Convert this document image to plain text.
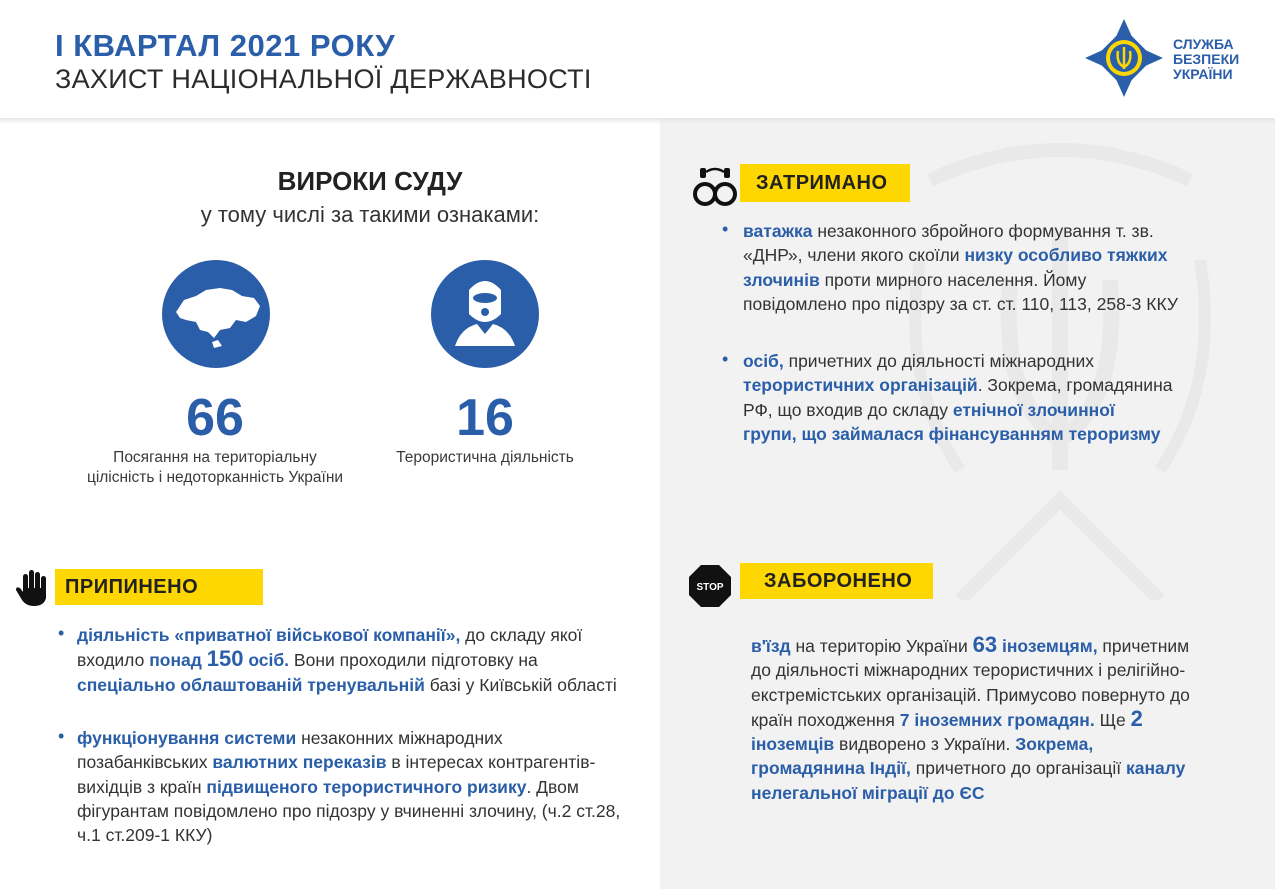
І КВАРТАЛ 2021 РОКУ
ЗАХИСТ НАЦІОНАЛЬНОЇ ДЕРЖАВНОСТІ
СЛУЖБА
БЕЗПЕКИ
УКРАЇНИ
ВИРОКИ СУДУ
у тому числі за такими ознаками:
66	16
Посягання на територіальну цілісність і недоторканність України
Терористична діяльність
ПРИПИНЕНО
• діяльність «приватної військової компанії», до складу якої входило понад 150 осіб. Вони проходили підготовку на спеціально облаштованій тренувальній базі у Київській області
• функціонування системи незаконних міжнародних позабанківських валютних переказів в інтересах контрагентів-вихідців з країн підвищеного терористичного ризику. Двом фігурантам повідомлено про підозру у вчиненні злочину, (ч.2 ст.28, ч.1 ст.209-1 ККУ)
ЗАТРИМАНО
• ватажка незаконного збройного формування т. зв. «ДНР», члени якого скоїли низку особливо тяжких злочинів проти мирного населення. Йому повідомлено про підозру за ст. ст. 110, 113, 258-3 ККУ
• осіб, причетних до діяльності міжнародних терористичних організацій. Зокрема, громадянина РФ, що входив до складу етнічної злочинної групи, що займалася фінансуванням тероризму
STOP	ЗАБОРОНЕНО
в'їзд на територію України 63 іноземцям, причетним до діяльності міжнародних терористичних і релігійно-екстремістських організацій. Примусово повернуто до країн походження 7 іноземних громадян. Ще 2 іноземців видворено з України. Зокрема, громадянина Індії, причетного до організації каналу нелегальної міграції до ЄС
